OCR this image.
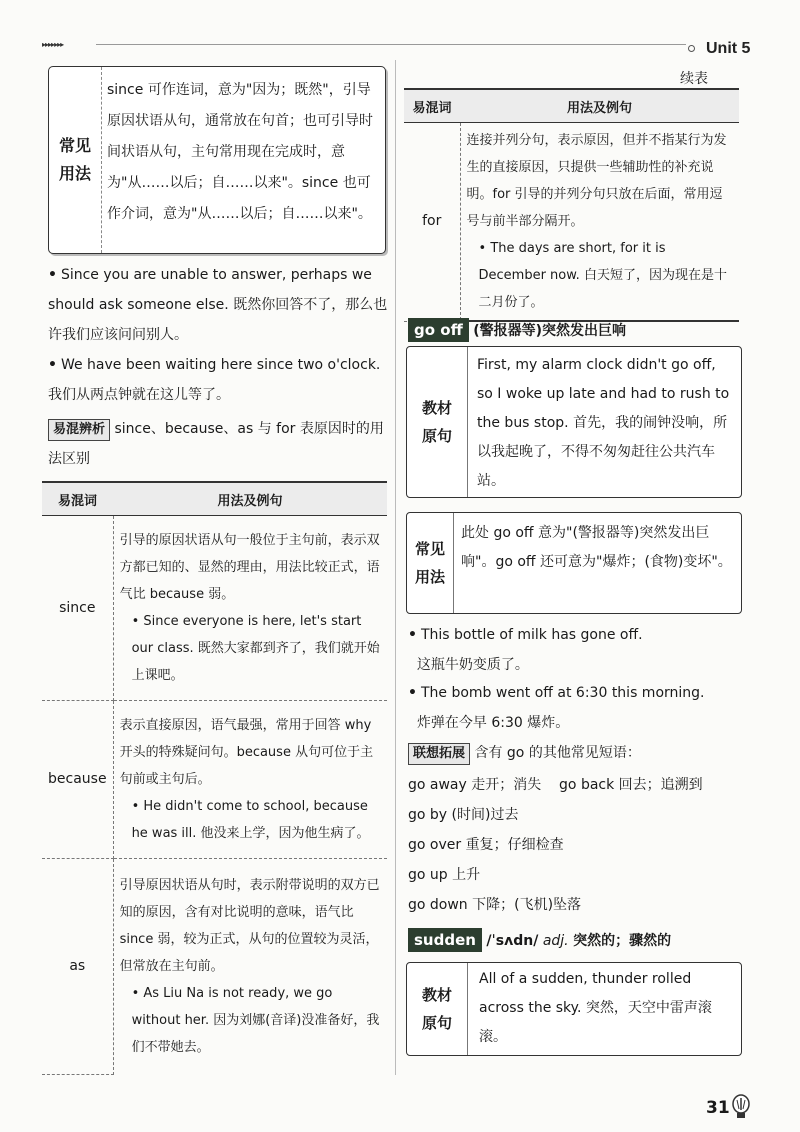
▸▸▸▸▸▸▸	Unit 5
常见
用法
since 可作连词，意为"因为；既然"，引导原因状语从句，通常放在句首；也可引导时间状语从句，主句常用现在完成时，意为"从……以后；自……以来"。since 也可作介词，意为"从……以后；自……以来"。
• Since you are unable to answer, perhaps we should ask someone else. 既然你回答不了，那么也许我们应该问问别人。
• We have been waiting here since two o'clock.
我们从两点钟就在这儿等了。
易混辨析 since、because、as 与 for 表原因时的用法区别
易混词	用法及例句
since	引导的原因状语从句一般位于主句前，表示双方都已知的、显然的理由，用法比较正式，语气比 because 弱。
• Since everyone is here, let's start our class. 既然大家都到齐了，我们就开始上课吧。

because	表示直接原因，语气最强，常用于回答 why 开头的特殊疑问句。because 从句可位于主句前或主句后。
• He didn't come to school, because he was ill. 他没来上学，因为他生病了。

as	引导原因状语从句时，表示附带说明的双方已知的原因，含有对比说明的意味，语气比 since 弱，较为正式，从句的位置较为灵活，但常放在主句前。
• As Liu Na is not ready, we go without her. 因为刘娜(音译)没准备好，我们不带她去。
续表
易混词	用法及例句
for	连接并列分句，表示原因，但并不指某行为发生的直接原因，只提供一些辅助性的补充说明。for 引导的并列分句只放在后面，常用逗号与前半部分隔开。
• The days are short, for it is December now. 白天短了，因为现在是十二月份了。
go off (警报器等)突然发出巨响
教材
原句
First, my alarm clock didn't go off, so I woke up late and had to rush to the bus stop. 首先，我的闹钟没响，所以我起晚了，不得不匆匆赶往公共汽车站。
常见
用法
此处 go off 意为"(警报器等)突然发出巨响"。go off 还可意为"爆炸；(食物)变坏"。
• This bottle of milk has gone off.
这瓶牛奶变质了。
• The bomb went off at 6:30 this morning.
炸弹在今早 6:30 爆炸。
联想拓展 含有 go 的其他常见短语：
go away 走开；消失    go back 回去；追溯到
go by (时间)过去
go over 重复；仔细检查
go up 上升
go down 下降；(飞机)坠落
sudden /ˈsʌdn/ adj. 突然的；骤然的
教材
原句
All of a sudden, thunder rolled across the sky. 突然，天空中雷声滚滚。
31
